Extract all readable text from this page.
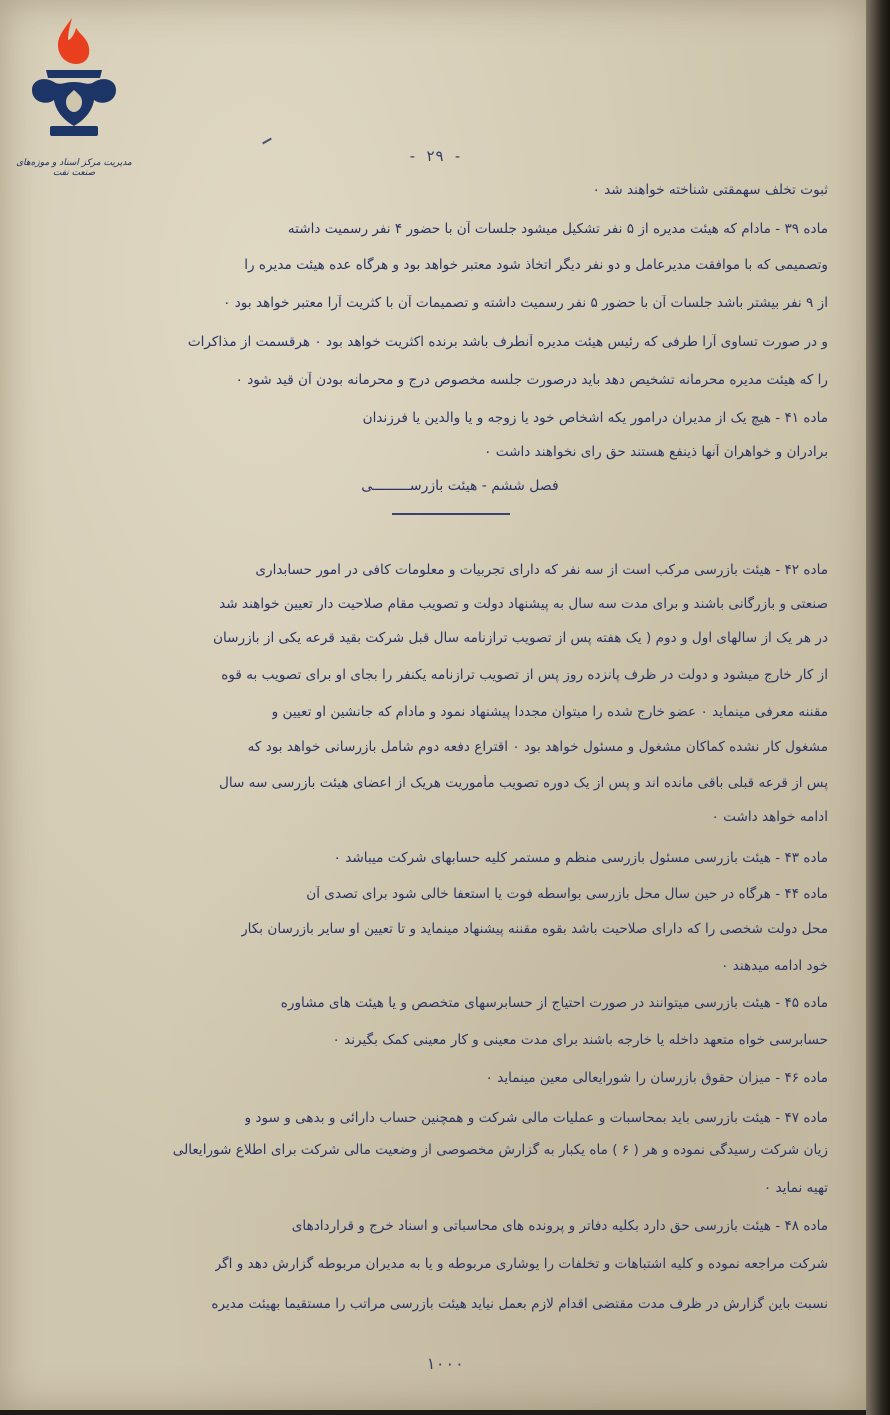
مدیریت مرکز اسناد و موزه‌های صنعت نفت
- ۲۹ -
ثبوت تخلف سهمقتی شناخته خواهند شد ۰
ماده ۳۹ - مادام که هیئت مدیره از ۵ نفر تشکیل میشود جلسات آن با حضور ۴ نفر رسمیت داشته
وتصمیمی که با موافقت مدیرعامل و دو نفر دیگر اتخاذ شود معتبر خواهد بود و هرگاه عده هیئت مدیره را
از ۹ نفر بیشتر باشد جلسات آن با حضور ۵ نفر رسمیت داشته و تصمیمات آن با کثریت آرا معتبر خواهد بود ۰
و در صورت تساوی آرا طرفی که رئیس هیئت مدیره آنطرف باشد برنده اکثریت خواهد بود ۰ هرقسمت از مذاکرات
را که هیئت مدیره محرمانه تشخیص دهد باید درصورت جلسه مخصوص درج و محرمانه بودن آن قید شود ۰
ماده ۴۱ - هیچ یک از مدیران درامور یکه اشخاص خود یا زوجه و یا والدین یا فرزندان
برادران و خواهران آنها ذینفع هستند حق رای نخواهند داشت ۰
فصل ششم - هیئت بازرســـــــــی
ماده ۴۲ - هیئت بازرسی مرکب است از سه نفر که دارای تجربیات و معلومات کافی در امور حسابداری
صنعتی و بازرگانی باشند و برای مدت سه سال به پیشنهاد دولت و تصویب مقام صلاحیت دار تعیین خواهند شد
در هر یک از سالهای اول و دوم ( یک هفته پس از تصویب ترازنامه سال قبل شرکت بقید قرعه یکی از بازرسان
از کار خارج میشود و دولت در ظرف پانزده روز پس از تصویب ترازنامه یکنفر را بجای او برای تصویب به قوه
مقننه معرفی مینماید ۰ عضو خارج شده را میتوان مجددا پیشنهاد نمود و مادام که جانشین او تعیین و
مشغول کار نشده کماکان مشغول و مسئول خواهد بود ۰ اقتراع دفعه دوم شامل بازرسانی خواهد بود که
پس از قرعه قبلی باقی مانده اند و پس از یک دوره تصویب مأموریت هریک از اعضای هیئت بازرسی سه سال
ادامه خواهد داشت ۰
ماده ۴۳ - هیئت بازرسی مسئول بازرسی منظم و مستمر کلیه حسابهای شرکت میباشد ۰
ماده ۴۴ - هرگاه در حین سال محل بازرسی بواسطه فوت یا استعفا خالی شود برای تصدی آن
محل دولت شخصی را که دارای صلاحیت باشد بقوه مقننه پیشنهاد مینماید و تا تعیین او سایر بازرسان بکار
خود ادامه میدهند ۰
ماده ۴۵ - هیئت بازرسی میتوانند در صورت احتیاج از حسابرسهای متخصص و یا هیئت های مشاوره
حسابرسی خواه متعهد داخله یا خارجه باشند برای مدت معینی و کار معینی کمک بگیرند ۰
ماده ۴۶ - میزان حقوق بازرسان را شورایعالی معین مینماید ۰
ماده ۴۷ - هیئت بازرسی باید بمحاسبات و عملیات مالی شرکت و همچنین حساب دارائی و بدهی و سود و
زیان شرکت رسیدگی نموده و هر ( ۶ ) ماه یکبار به گزارش مخصوصی از وضعیت مالی شرکت برای اطلاع شورایعالی
تهیه نماید ۰
ماده ۴۸ - هیئت بازرسی حق دارد بکلیه دفاتر و پرونده های محاسباتی و اسناد خرج و قراردادهای
شرکت مراجعه نموده و کلیه اشتباهات و تخلفات را یوشاری مربوطه و یا به مدیران مربوطه گزارش دهد و اگر
نسبت باین گزارش در ظرف مدت مقتضی اقدام لازم بعمل نیاید هیئت بازرسی مراتب را مستقیما بهیئت مدیره
۱۰۰۰
